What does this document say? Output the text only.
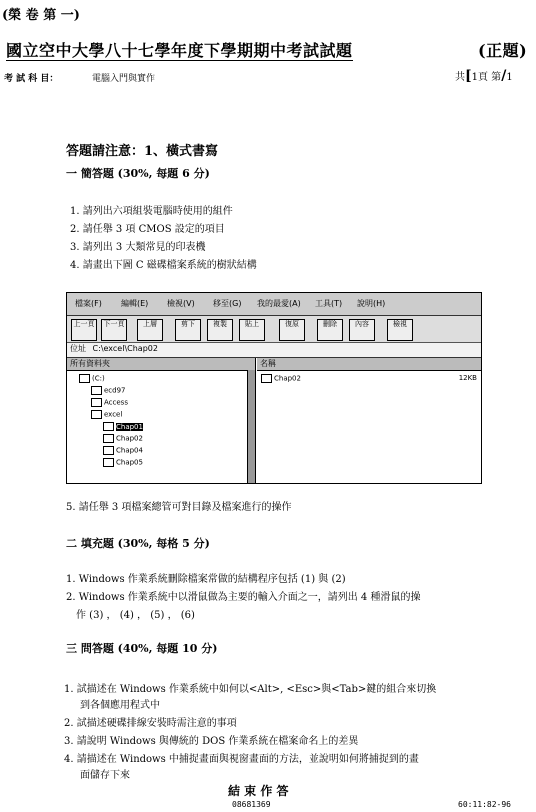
(榮 卷 第 一)
國立空中大學八十七學年度下學期期中考試試題	(正題)
考 試 科 目：	電腦入門與實作	共[1頁 第/1
答題請注意：1、橫式書寫
一 簡答題 (30%, 每題 6 分)
1. 請列出六項組裝電腦時使用的組件
2. 請任舉 3 項 CMOS 設定的項目
3. 請列出 3 大類常見的印表機
4. 請畫出下圖 C 磁碟檔案系統的樹狀結構
檔案(F) 編輯(E) 檢視(V) 移至(G) 我的最愛(A) 工具(T) 說明(H)
上一頁	下一頁	上層	剪下	複製	貼上	復原	刪除	內容	檢視
位址 C:\excel\Chap02
所有資料夾
(C:)
ecd97
Access
excel
Chap01
Chap02
Chap04
Chap05
名稱
Chap02	12KB
5. 請任舉 3 項檔案總管可對目錄及檔案進行的操作
二 填充題 (30%, 每格 5 分)
1. Windows 作業系統刪除檔案常做的結構程序包括 (1) 與 (2)
2. Windows 作業系統中以滑鼠做為主要的輸入介面之一，請列出 4 種滑鼠的操
作 (3) ， (4) ， (5) ， (6)
三 問答題 (40%, 每題 10 分)
1. 試描述在 Windows 作業系統中如何以<Alt>, <Esc>與<Tab>鍵的組合來切換
到各個應用程式中
2. 試描述硬碟排線安裝時需注意的事項
3. 請說明 Windows 與傳統的 DOS 作業系統在檔案命名上的差異
4. 請描述在 Windows 中捕捉畫面與視窗畫面的方法，並說明如何將捕捉到的畫
面儲存下來
結 束 作 答
08681369	60:11:82-96
